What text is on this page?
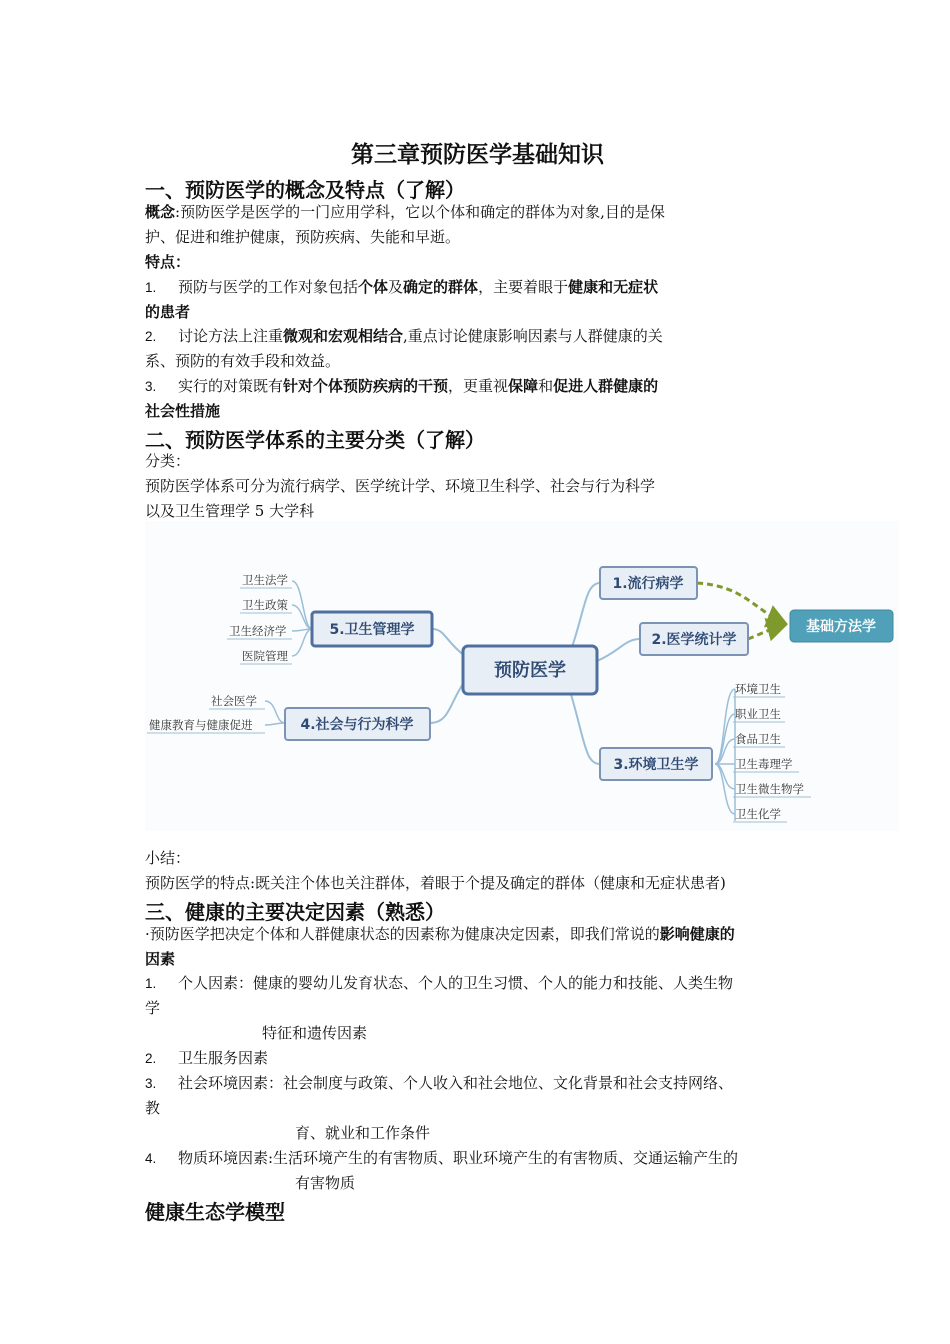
第三章预防医学基础知识
一、预防医学的概念及特点（了解）
概念:预防医学是医学的一门应用学科，它以个体和确定的群体为对象,目的是保
护、促进和维护健康，预防疾病、失能和早逝。
特点：
1. 预防与医学的工作对象包括个体及确定的群体，主要着眼于健康和无症状
的患者
2. 讨论方法上注重微观和宏观相结合,重点讨论健康影响因素与人群健康的关
系、预防的有效手段和效益。
3. 实行的对策既有针对个体预防疾病的干预，更重视保障和促进人群健康的
社会性措施
二、预防医学体系的主要分类（了解）
分类：
预防医学体系可分为流行病学、医学统计学、环境卫生科学、社会与行为科学
以及卫生管理学 5 大学科
小结：
预防医学的特点:既关注个体也关注群体，着眼于个提及确定的群体（健康和无症状患者)
三、健康的主要决定因素（熟悉）
·预防医学把决定个体和人群健康状态的因素称为健康决定因素，即我们常说的影响健康的
因素
1. 个人因素：健康的婴幼儿发育状态、个人的卫生习惯、个人的能力和技能、人类生物
学
特征和遗传因素
2. 卫生服务因素
3. 社会环境因素：社会制度与政策、个人收入和社会地位、文化背景和社会支持网络、
教
育、就业和工作条件
4. 物质环境因素:生活环境产生的有害物质、职业环境产生的有害物质、交通运输产生的
有害物质
健康生态学模型
预防医学
1.流行病学
2.医学统计学
3.环境卫生学
4.社会与行为科学
5.卫生管理学	基础方法学
环境卫生
职业卫生
食品卫生
卫生毒理学
卫生微生物学
卫生化学
社会医学
健康教育与健康促进
卫生法学
卫生政策
卫生经济学
医院管理
